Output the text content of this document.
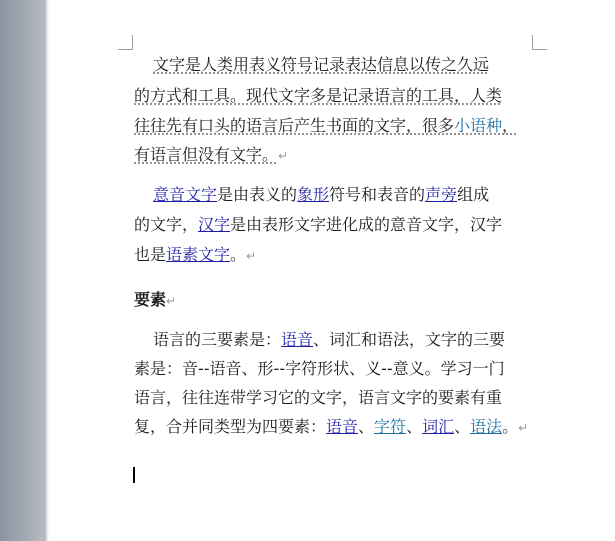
文字是人类用表义符号记录表达信息以传之久远
的方式和工具。现代文字多是记录语言的工具，人类
往往先有口头的语言后产生书面的文字，很多小语种，
有语言但没有文字。↵
意音文字是由表义的象形符号和表音的声旁组成
的文字，汉字是由表形文字进化成的意音文字，汉字
也是语素文字。↵
要素↵
语言的三要素是：语音、词汇和语法，文字的三要
素是：音--语音、形--字符形状、义--意义。学习一门
语言，往往连带学习它的文字，语言文字的要素有重
复，合并同类型为四要素：语音、字符、词汇、语法。↵
